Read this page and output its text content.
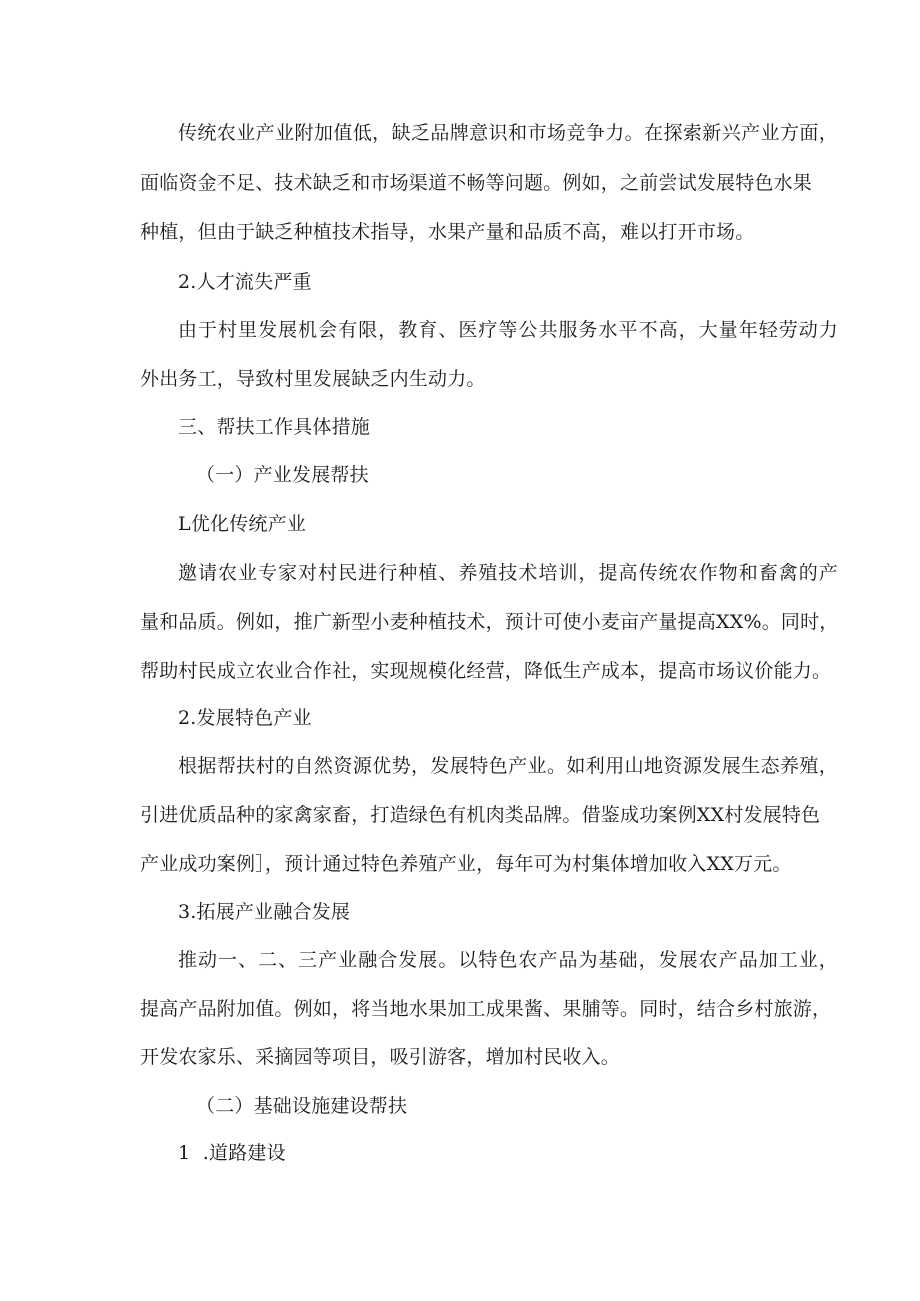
传统农业产业附加值低，缺乏品牌意识和市场竞争力。在探索新兴产业方面，
面临资金不足、技术缺乏和市场渠道不畅等问题。例如，之前尝试发展特色水果
种植，但由于缺乏种植技术指导，水果产量和品质不高，难以打开市场。
2.人才流失严重
由于村里发展机会有限，教育、医疗等公共服务水平不高，大量年轻劳动力
外出务工，导致村里发展缺乏内生动力。
三、帮扶工作具体措施
（一）产业发展帮扶
L优化传统产业
邀请农业专家对村民进行种植、养殖技术培训，提高传统农作物和畜禽的产
量和品质。例如，推广新型小麦种植技术，预计可使小麦亩产量提高XX%。同时，
帮助村民成立农业合作社，实现规模化经营，降低生产成本，提高市场议价能力。
2.发展特色产业
根据帮扶村的自然资源优势，发展特色产业。如利用山地资源发展生态养殖，
引进优质品种的家禽家畜，打造绿色有机肉类品牌。借鉴成功案例XX村发展特色
产业成功案例］，预计通过特色养殖产业，每年可为村集体增加收入XX万元。
3.拓展产业融合发展
推动一、二、三产业融合发展。以特色农产品为基础，发展农产品加工业，
提高产品附加值。例如，将当地水果加工成果酱、果脯等。同时，结合乡村旅游，
开发农家乐、采摘园等项目，吸引游客，增加村民收入。
（二）基础设施建设帮扶
1  .道路建设
